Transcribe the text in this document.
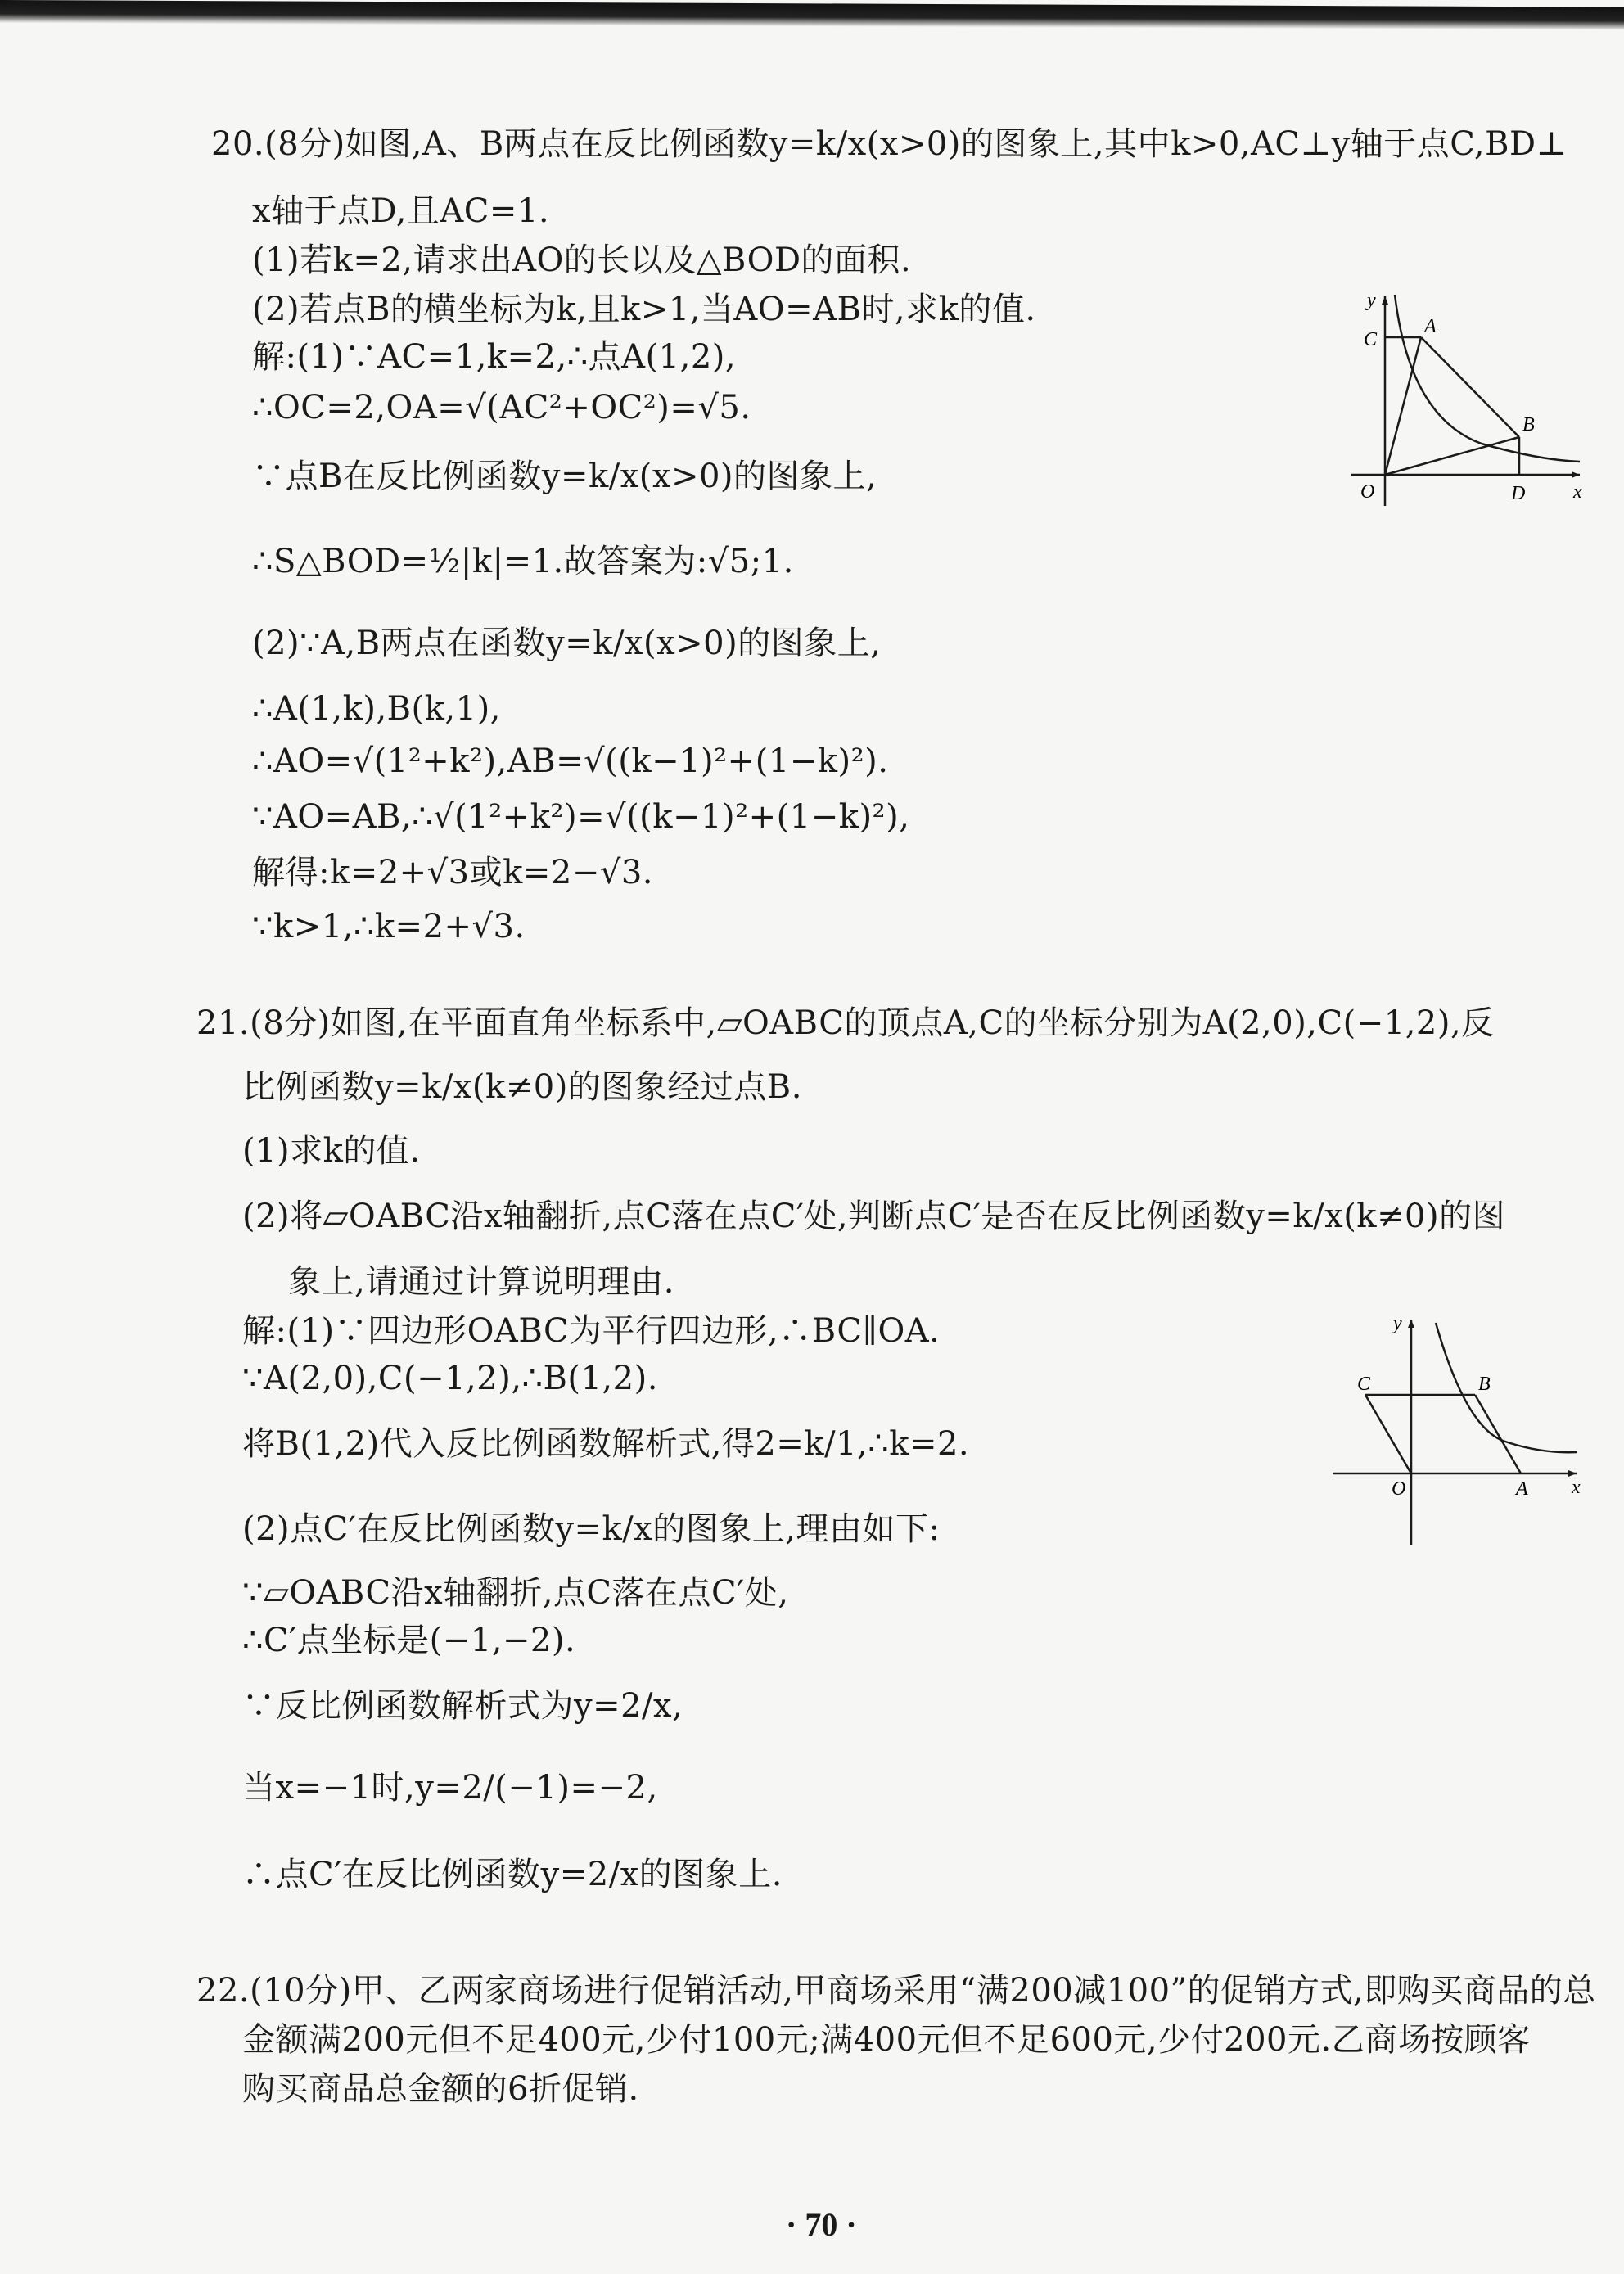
20.(8分)如图,A、B两点在反比例函数y=k/x(x>0)的图象上,其中k>0,AC⊥y轴于点C,BD⊥
x轴于点D,且AC=1.
(1)若k=2,请求出AO的长以及△BOD的面积.
(2)若点B的横坐标为k,且k>1,当AO=AB时,求k的值.
解:(1)∵AC=1,k=2,∴点A(1,2),
∴OC=2,OA=√(AC²+OC²)=√5.
∵点B在反比例函数y=k/x(x>0)的图象上,
∴S△BOD=½|k|=1.故答案为:√5;1.
(2)∵A,B两点在函数y=k/x(x>0)的图象上,
∴A(1,k),B(k,1),
∴AO=√(1²+k²),AB=√((k−1)²+(1−k)²).
∵AO=AB,∴√(1²+k²)=√((k−1)²+(1−k)²),
解得:k=2+√3或k=2−√3.
∵k>1,∴k=2+√3.
y
x
O
A
B
C
D
21.(8分)如图,在平面直角坐标系中,▱OABC的顶点A,C的坐标分别为A(2,0),C(−1,2),反
比例函数y=k/x(k≠0)的图象经过点B.
(1)求k的值.
(2)将▱OABC沿x轴翻折,点C落在点C′处,判断点C′是否在反比例函数y=k/x(k≠0)的图
象上,请通过计算说明理由.
解:(1)∵四边形OABC为平行四边形,∴BC∥OA.
∵A(2,0),C(−1,2),∴B(1,2).
将B(1,2)代入反比例函数解析式,得2=k/1,∴k=2.
(2)点C′在反比例函数y=k/x的图象上,理由如下:
∵▱OABC沿x轴翻折,点C落在点C′处,
∴C′点坐标是(−1,−2).
∵反比例函数解析式为y=2/x,
当x=−1时,y=2/(−1)=−2,
∴点C′在反比例函数y=2/x的图象上.
y
x
O	A
B
C
22.(10分)甲、乙两家商场进行促销活动,甲商场采用“满200减100”的促销方式,即购买商品的总
金额满200元但不足400元,少付100元;满400元但不足600元,少付200元.乙商场按顾客
购买商品总金额的6折促销.
· 70 ·
